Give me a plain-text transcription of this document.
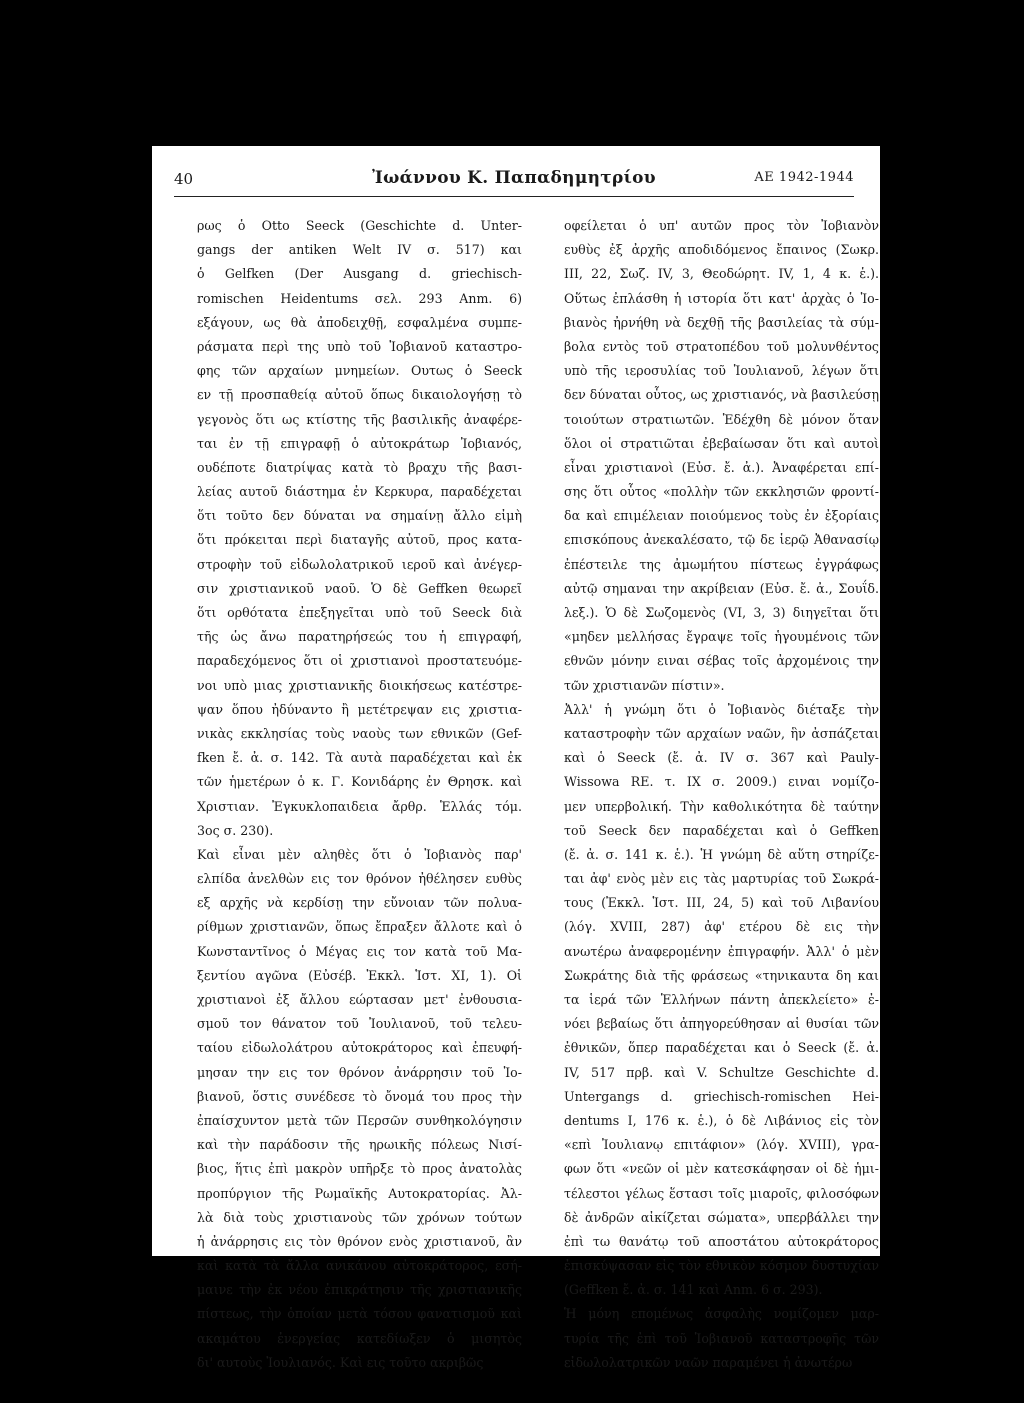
40	Ἰωάννου Κ. Παπαδημητρίου	ΑΕ 1942-1944
ρως ὁ Otto Seeck (Geschichte d. Unter-
gangs der antiken Welt IV σ. 517) και
ὁ Gelfken (Der Ausgang d. griechisch-
romischen Heidentums σελ. 293 Anm. 6)
εξάγουν, ως θὰ ἀποδειχθῇ, εσφαλμένα συμπε-
ράσματα περὶ της υπὸ τοῦ Ἰοβιανοῦ καταστρο-
φης τῶν αρχαίων μνημείων. Ουτως ὁ Seeck
εν τῇ προσπαθείᾳ αὐτοῦ ὅπως δικαιολογήσῃ τὸ
γεγονὸς ὅτι ως κτίστης τῆς βασιλικῆς ἀναφέρε-
ται ἐν τῇ επιγραφῇ ὁ αὐτοκράτωρ Ἰοβιανός,
ουδέποτε διατρίψας κατὰ τὸ βραχυ τῆς βασι-
λείας αυτοῦ διάστημα ἐν Κερκυρα, παραδέχεται
ὅτι τοῦτο δεν δύναται να σημαίνῃ ἄλλο εἰμὴ
ὅτι πρόκειται περὶ διαταγῆς αὐτοῦ, προς κατα-
στροφὴν τοῦ εἰδωλολατρικοῦ ιεροῦ καὶ ἀνέγερ-
σιν χριστιανικοῦ ναοῦ. Ὁ δὲ Geffken θεωρεῖ
ὅτι ορθότατα ἐπεξηγεῖται υπὸ τοῦ Seeck διὰ
τῆς ὡς ἄνω παρατηρήσεώς του ἡ επιγραφή,
παραδεχόμενος ὅτι οἱ χριστιανοὶ προστατευόμε-
νοι υπὸ μιας χριστιανικῆς διοικήσεως κατέστρε-
ψαν ὅπου ἠδύναντο ἢ μετέτρεψαν εις χριστια-
νικὰς εκκλησίας τοὺς ναοὺς των εθνικῶν (Gef-
fken ἔ. ἀ. σ. 142. Τὰ αυτὰ παραδέχεται καὶ ἐκ
τῶν ἡμετέρων ὁ κ. Γ. Κονιδάρης ἐν Θρησκ. καὶ
Χριστιαν. Ἐγκυκλοπαιδεια ἄρθρ. Ἑλλάς τόμ.
3ος σ. 230).
Καὶ εἶναι μὲν αληθὲς ὅτι ὁ Ἰοβιανὸς παρ'
ελπίδα ἀνελθὼν εις τον θρόνον ἠθέλησεν ευθὺς
εξ αρχῆς νὰ κερδίσῃ την εὔνοιαν τῶν πολυα-
ρίθμων χριστιανῶν, ὅπως ἔπραξεν ἄλλοτε καὶ ὁ
Κωνσταντῖνος ὁ Μέγας εις τον κατὰ τοῦ Μα-
ξεντίου αγῶνα (Εὐσέβ. Ἐκκλ. Ἱστ. ΧΙ, 1). Οἱ
χριστιανοὶ ἐξ ἄλλου εώρτασαν μετ' ἐνθουσια-
σμοῦ τον θάνατον τοῦ Ἰουλιανοῦ, τοῦ τελευ-
ταίου εἰδωλολάτρου αὐτοκράτορος καὶ ἐπευφή-
μησαν την εις τον θρόνον ἀνάρρησιν τοῦ Ἰο-
βιανοῦ, ὅστις συνέδεσε τὸ ὄνομά του προς τὴν
ἐπαίσχυντον μετὰ τῶν Περσῶν συνθηκολόγησιν
καὶ τὴν παράδοσιν τῆς ηρωικῆς πόλεως Νισί-
βιος, ἥτις ἐπὶ μακρὸν υπῆρξε τὸ προς ἀνατολὰς
προπύργιον τῆς Ρωμαϊκῆς Αυτοκρατορίας. Ἀλ-
λὰ διὰ τοὺς χριστιανοὺς τῶν χρόνων τούτων
ἡ ἀνάρρησις εις τὸν θρόνον ενὸς χριστιανοῦ, ἂν
καὶ κατὰ τὰ ἄλλα ανικάνου αὐτοκράτορος, εσή-
μαινε τὴν ἐκ νέου ἐπικράτησιν τῆς χριστιανικῆς
πίστεως, τὴν ὁποίαν μετὰ τόσου φανατισμοῦ καὶ
ακαμάτου ἐνεργείας κατεδίωξεν ὁ μισητὸς
δι' αυτοὺς Ἰουλιανός. Καὶ εις τοῦτο ακριβῶς
οφείλεται ὁ υπ' αυτῶν προς τὸν Ἰοβιανὸν
ευθὺς ἐξ ἀρχῆς αποδιδόμενος ἔπαινος (Σωκρ.
ΙΙΙ, 22, Σωζ. IV, 3, Θεοδώρητ. IV, 1, 4 κ. ἑ.).
Οὕτως ἐπλάσθη ἡ ιστορία ὅτι κατ' ἀρχὰς ὁ Ἰο-
βιανὸς ἠρνήθη νὰ δεχθῇ τῆς βασιλείας τὰ σύμ-
βολα εντὸς τοῦ στρατοπέδου τοῦ μολυνθέντος
υπὸ τῆς ιεροσυλίας τοῦ Ἰουλιανοῦ, λέγων ὅτι
δεν δύναται οὗτος, ως χριστιανός, νὰ βασιλεύσῃ
τοιούτων στρατιωτῶν. Ἐδέχθη δὲ μόνον ὅταν
ὅλοι οἱ στρατιῶται ἐβεβαίωσαν ὅτι καὶ αυτοὶ
εἶναι χριστιανοὶ (Εὐσ. ἔ. ἀ.). Ἀναφέρεται επί-
σης ὅτι οὗτος «πολλὴν τῶν εκκλησιῶν φροντί-
δα καὶ επιμέλειαν ποιούμενος τοὺς ἐν ἐξορίαις
επισκόπους ἀνεκαλέσατο, τῷ δε ἱερῷ Ἀθανασίῳ
ἐπέστειλε της ἀμωμήτου πίστεως ἐγγράφως
αὐτῷ σημαναι την ακρίβειαν (Εὐσ. ἔ. ἀ., Σουΐδ.
λεξ.). Ὁ δὲ Σωζομενὸς (VI, 3, 3) διηγεῖται ὅτι
«μηδεν μελλήσας ἔγραψε τοῖς ἡγουμένοις τῶν
εθνῶν μόνην ειναι σέβας τοῖς ἀρχομένοις την
τῶν χριστιανῶν πίστιν».
Ἀλλ' ἡ γνώμη ὅτι ὁ Ἰοβιανὸς διέταξε τὴν
καταστροφὴν τῶν αρχαίων ναῶν, ἣν ἀσπάζεται
καὶ ὁ Seeck (ἔ. ἀ. IV σ. 367 καὶ Pauly-
Wissowa RE. τ. ΙΧ σ. 2009.) ειναι νομίζο-
μεν υπερβολική. Τὴν καθολικότητα δὲ ταύτην
τοῦ Seeck δεν παραδέχεται καὶ ὁ Geffken
(ἔ. ἀ. σ. 141 κ. ἑ.). Ἡ γνώμη δὲ αὕτη στηρίζε-
ται ἀφ' ενὸς μὲν εις τὰς μαρτυρίας τοῦ Σωκρά-
τους (Ἐκκλ. Ἱστ. ΙΙΙ, 24, 5) καὶ τοῦ Λιβανίου
(λόγ. XVIII, 287) ἀφ' ετέρου δὲ εις τὴν
ανωτέρω ἀναφερομένην ἐπιγραφήν. Ἀλλ' ὁ μὲν
Σωκράτης διὰ τῆς φράσεως «τηνικαυτα δη και
τα ἱερά τῶν Ἑλλήνων πάντη ἀπεκλείετο» ἐ-
νόει βεβαίως ὅτι ἀπηγορεύθησαν αἱ θυσίαι τῶν
ἐθνικῶν, ὅπερ παραδέχεται και ὁ Seeck (ἔ. ἀ.
IV, 517 πρβ. καὶ V. Schultze Geschichte d.
Untergangs d. griechisch-romischen Hei-
dentums I, 176 κ. ἑ.), ὁ δὲ Λιβάνιος εἰς τὸν
«επὶ Ἰουλιανῳ επιτάφιον» (λόγ. XVIII), γρα-
φων ὅτι «νεῶν οἱ μὲν κατεσκάφησαν οἱ δὲ ἡμι-
τέλεστοι γέλως ἕστασι τοῖς μιαροῖς, φιλοσόφων
δὲ ἀνδρῶν αἰκίζεται σώματα», υπερβάλλει την
ἐπὶ τω θανάτῳ τοῦ αποστάτου αὐτοκράτορος
ἐπισκύψασαν εἰς τὸν εθνικὸν κόσμον δυστυχίαν
(Geffken ἔ. ἀ. σ. 141 καὶ Anm. 6 σ. 293).
Ἡ μόνη επομένως ἀσφαλὴς νομίζομεν μαρ-
τυρία τῆς ἐπὶ τοῦ Ἰοβιανοῦ καταστροφῆς τῶν
εἰδωλολατρικῶν ναῶν παραμένει ἡ ἀνωτέρω
